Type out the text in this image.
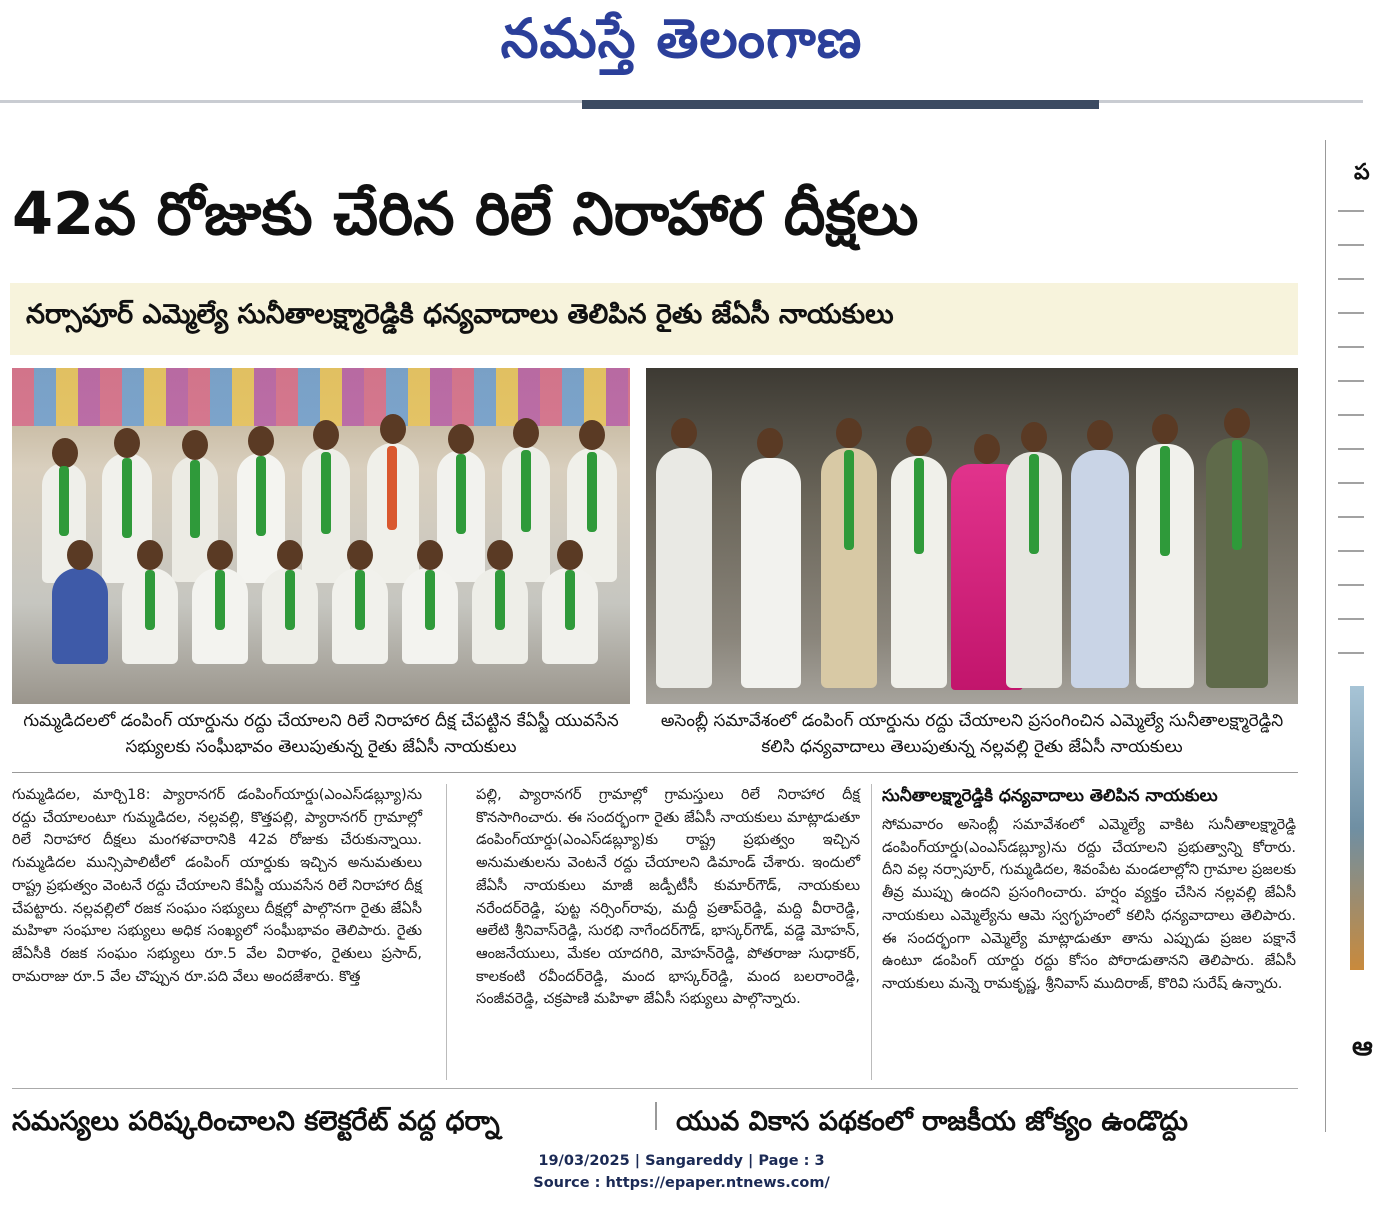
నమస్తే తెలంగాణ
42వ రోజుకు చేరిన రిలే నిరాహార దీక్షలు
నర్సాపూర్ ఎమ్మెల్యే సునీతాలక్ష్మారెడ్డికి ధన్యవాదాలు తెలిపిన రైతు జేఏసీ నాయకులు
గుమ్మడిదలలో డంపింగ్ యార్డును రద్దు చేయాలని రిలే నిరాహార దీక్ష చేపట్టిన కేఏస్జీ యువసేన సభ్యులకు సంఘీభావం తెలుపుతున్న రైతు జేఏసీ నాయకులు
అసెంబ్లీ సమావేశంలో డంపింగ్ యార్డును రద్దు చేయాలని ప్రసంగించిన ఎమ్మెల్యే సునీతాలక్ష్మారెడ్డిని కలిసి ధన్యవాదాలు తెలుపుతున్న నల్లవల్లి రైతు జేఏసీ నాయకులు
గుమ్మడిదల, మార్చి18: ప్యారానగర్ డంపింగ్‌యార్డు(ఎంఎస్‌డబ్ల్యూ)ను రద్దు చేయాలంటూ గుమ్మడిదల, నల్లవల్లి, కొత్తపల్లి, ప్యారానగర్ గ్రామాల్లో రిలే నిరాహార దీక్షలు మంగళవారానికి 42వ రోజుకు చేరుకున్నాయి. గుమ్మడిదల మున్సిపాలిటీలో డంపింగ్ యార్డుకు ఇచ్చిన అనుమతులు రాష్ట్ర ప్రభుత్వం వెంటనే రద్దు చేయాలని కేఏస్జీ యువసేన రిలే నిరాహార దీక్ష చేపట్టారు. నల్లవల్లిలో రజక సంఘం సభ్యులు దీక్షల్లో పాల్గొనగా రైతు జేఏసీ మహిళా సంఘాల సభ్యులు అధిక సంఖ్యలో సంఘీభావం తెలిపారు. రైతు జేఏసీకి రజక సంఘం సభ్యులు రూ.5 వేల విరాళం, రైతులు ప్రసాద్, రామరాజు రూ.5 వేల చొప్పున రూ.పది వేలు అందజేశారు. కొత్త
పల్లి, ప్యారానగర్ గ్రామాల్లో గ్రామస్తులు రిలే నిరాహార దీక్ష కొనసాగించారు. ఈ సందర్భంగా రైతు జేఏసీ నాయకులు మాట్లాడుతూ డంపింగ్‌యార్డు(ఎంఎస్‌డబ్ల్యూ)కు రాష్ట్ర ప్రభుత్వం ఇచ్చిన అనుమతులను వెంటనే రద్దు చేయాలని డిమాండ్ చేశారు. ఇందులో జేఏసీ నాయకులు మాజీ జడ్పీటీసీ కుమార్‌గౌడ్, నాయకులు నరేందర్‌రెడ్డి, పుట్ట నర్సింగ్‌రావు, మద్దీ ప్రతాప్‌రెడ్డి, మద్ది వీరారెడ్డి, ఆలేటి శ్రీనివాస్‌రెడ్డి, సురభి నాగేందర్‌గౌడ్, భాస్కర్‌గౌడ్, వడ్డె మోహన్, ఆంజనేయులు, మేకల యాదగిరి, మోహన్‌రెడ్డి, పోతరాజు సుధాకర్, కాలకంటి రవీందర్‌రెడ్డి, మంద భాస్కర్‌రెడ్డి, మంద బలరాంరెడ్డి, సంజీవరెడ్డి, చక్రపాణి మహిళా జేఏసీ సభ్యులు పాల్గొన్నారు.
సునీతాలక్ష్మారెడ్డికి ధన్యవాదాలు తెలిపిన నాయకులు
సోమవారం అసెంబ్లీ సమావేశంలో ఎమ్మెల్యే వాకిట సునీతాలక్ష్మారెడ్డి డంపింగ్‌యార్డు(ఎంఎస్‌డబ్ల్యూ)ను రద్దు చేయాలని ప్రభుత్వాన్ని కోరారు. దీని వల్ల నర్సాపూర్, గుమ్మడిదల, శివంపేట మండలాల్లోని గ్రామాల ప్రజలకు తీవ్ర ముప్పు ఉందని ప్రసంగించారు. హర్షం వ్యక్తం చేసిన నల్లవల్లి జేఏసీ నాయకులు ఎమ్మెల్యేను ఆమె స్వగృహంలో కలిసి ధన్యవాదాలు తెలిపారు. ఈ సందర్భంగా ఎమ్మెల్యే మాట్లాడుతూ తాను ఎప్పుడు ప్రజల పక్షానే ఉంటూ డంపింగ్ యార్డు రద్దు కోసం పోరాడుతానని తెలిపారు. జేఏసీ నాయకులు మన్నె రామకృష్ణ, శ్రీనివాస్ ముదిరాజ్, కొరివి సురేష్ ఉన్నారు.
సమస్యలు పరిష్కరించాలని కలెక్టరేట్ వద్ద ధర్నా	యువ వికాస పథకంలో రాజకీయ జోక్యం ఉండొద్దు
ప
ఆ
19/03/2025 | Sangareddy | Page : 3
Source : https://epaper.ntnews.com/
